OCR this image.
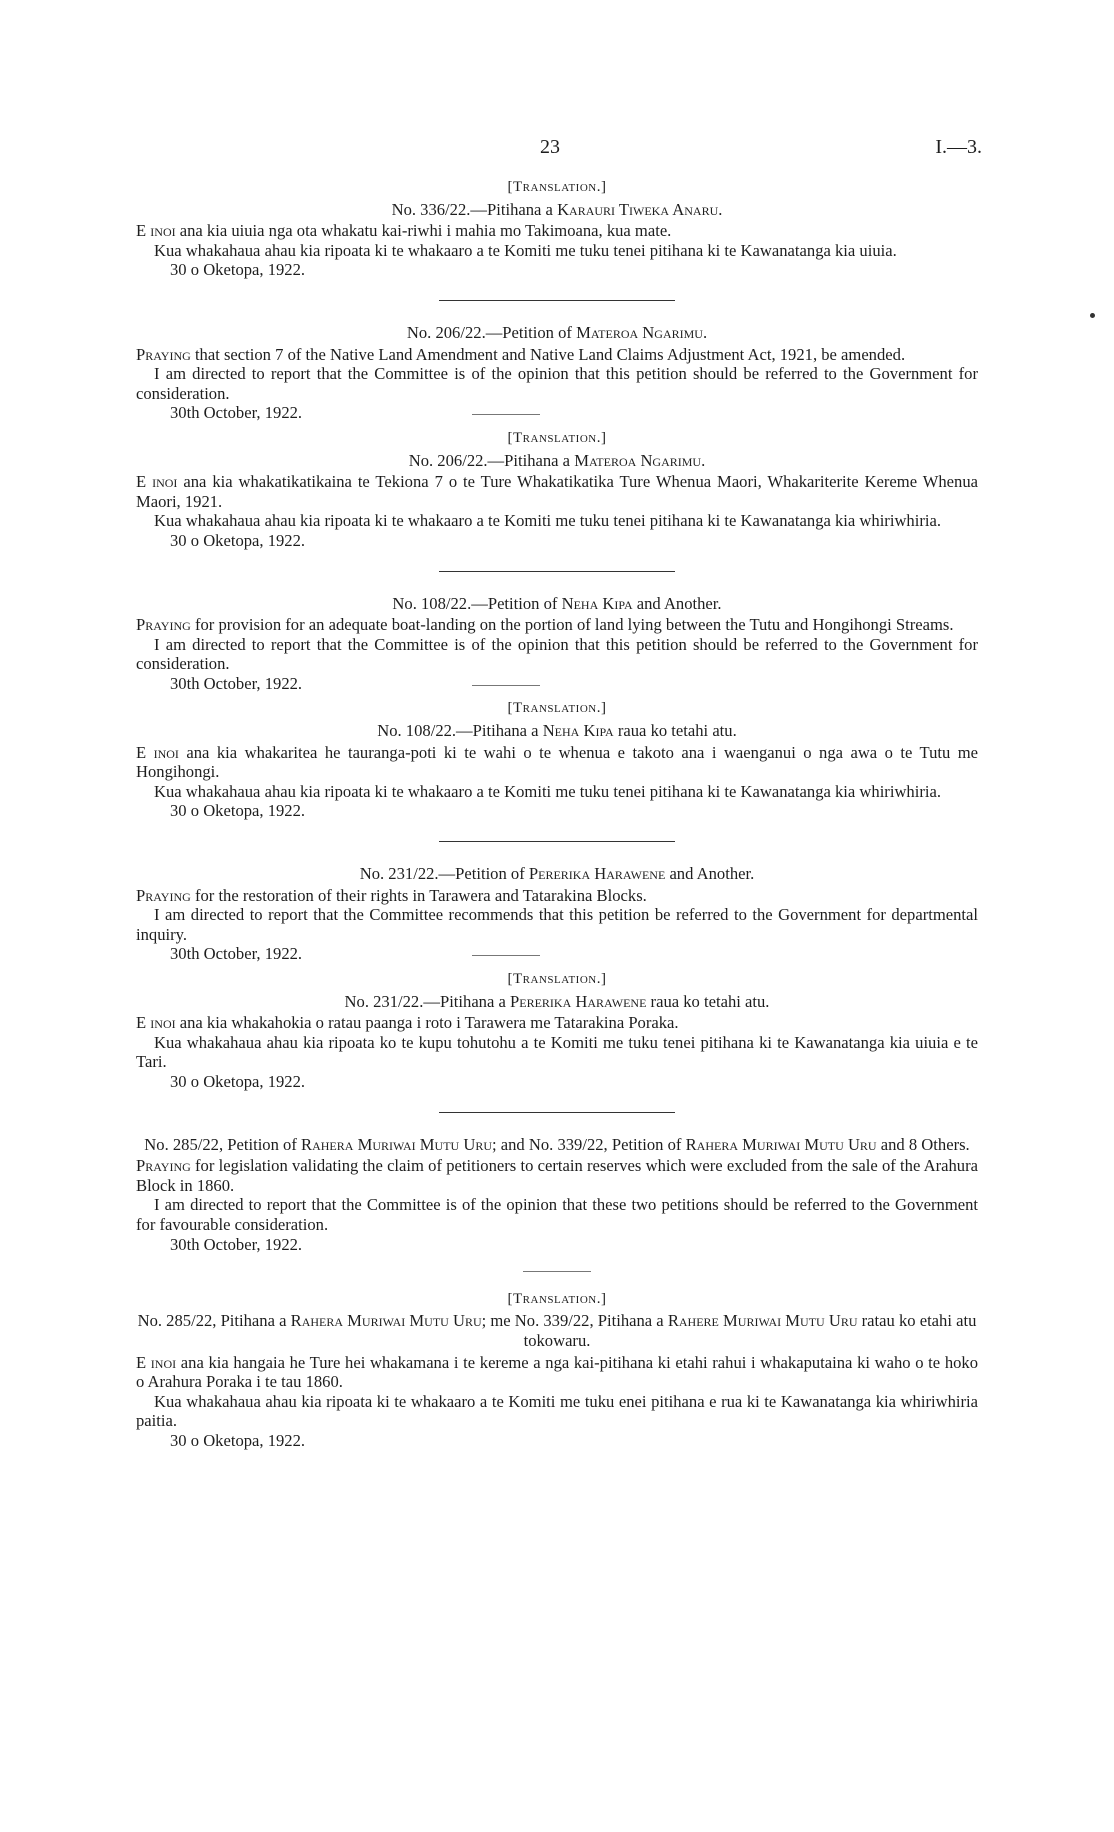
23	I.—3.
[Translation.]
No. 336/22.—Pitihana a Karauri Tiweka Anaru.

E inoi ana kia uiuia nga ota whakatu kai-riwhi i mahia mo Takimoana, kua mate.

Kua whakahaua ahau kia ripoata ki te whakaaro a te Komiti me tuku tenei pitihana ki te Kawanatanga kia uiuia.

30 o Oketopa, 1922.
No. 206/22.—Petition of Materoa Ngarimu.

Praying that section 7 of the Native Land Amendment and Native Land Claims Adjustment Act, 1921, be amended.

I am directed to report that the Committee is of the opinion that this petition should be referred to the Government for consideration.

30th October, 1922.
[Translation.]
No. 206/22.—Pitihana a Materoa Ngarimu.

E inoi ana kia whakatikatikaina te Tekiona 7 o te Ture Whakatikatika Ture Whenua Maori, Whakariterite Kereme Whenua Maori, 1921.

Kua whakahaua ahau kia ripoata ki te whakaaro a te Komiti me tuku tenei pitihana ki te Kawanatanga kia whiriwhiria.

30 o Oketopa, 1922.
No. 108/22.—Petition of Neha Kipa and Another.

Praying for provision for an adequate boat-landing on the portion of land lying between the Tutu and Hongihongi Streams.

I am directed to report that the Committee is of the opinion that this petition should be referred to the Government for consideration.

30th October, 1922.
[Translation.]
No. 108/22.—Pitihana a Neha Kipa raua ko tetahi atu.

E inoi ana kia whakaritea he tauranga-poti ki te wahi o te whenua e takoto ana i waenganui o nga awa o te Tutu me Hongihongi.

Kua whakahaua ahau kia ripoata ki te whakaaro a te Komiti me tuku tenei pitihana ki te Kawanatanga kia whiriwhiria.

30 o Oketopa, 1922.
No. 231/22.—Petition of Pererika Harawene and Another.

Praying for the restoration of their rights in Tarawera and Tatarakina Blocks.

I am directed to report that the Committee recommends that this petition be referred to the Government for departmental inquiry.

30th October, 1922.
[Translation.]
No. 231/22.—Pitihana a Pererika Harawene raua ko tetahi atu.

E inoi ana kia whakahokia o ratau paanga i roto i Tarawera me Tatarakina Poraka.

Kua whakahaua ahau kia ripoata ko te kupu tohutohu a te Komiti me tuku tenei pitihana ki te Kawanatanga kia uiuia e te Tari.

30 o Oketopa, 1922.
No. 285/22, Petition of Rahera Muriwai Mutu Uru; and No. 339/22, Petition of Rahera Muriwai Mutu Uru and 8 Others.

Praying for legislation validating the claim of petitioners to certain reserves which were excluded from the sale of the Arahura Block in 1860.

I am directed to report that the Committee is of the opinion that these two petitions should be referred to the Government for favourable consideration.

30th October, 1922.
[Translation.]
No. 285/22, Pitihana a Rahera Muriwai Mutu Uru; me No. 339/22, Pitihana a Rahere Muriwai Mutu Uru ratau ko etahi atu tokowaru.

E inoi ana kia hangaia he Ture hei whakamana i te kereme a nga kai-pitihana ki etahi rahui i whakaputaina ki waho o te hoko o Arahura Poraka i te tau 1860.

Kua whakahaua ahau kia ripoata ki te whakaaro a te Komiti me tuku enei pitihana e rua ki te Kawanatanga kia whiriwhiria paitia.

30 o Oketopa, 1922.
